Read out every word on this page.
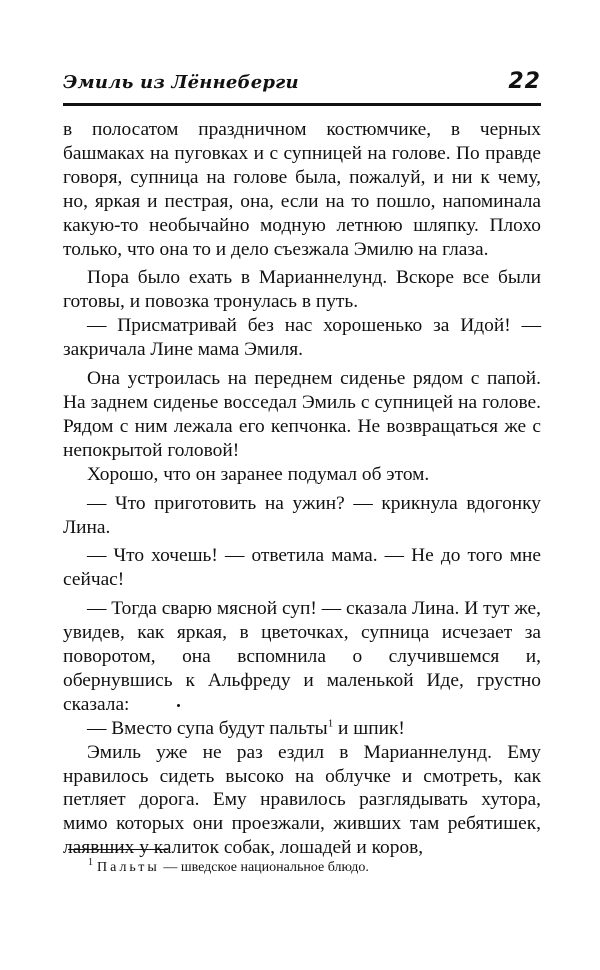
Эмиль из Лённеберги	22

в полосатом праздничном костюмчике, в черных башмаках на пуговках и с супницей на голове. По правде говоря, супница на голове была, пожалуй, и ни к чему, но, яркая и пестрая, она, если на то пошло, напоминала какую-то необычайно модную летнюю шляпку. Плохо только, что она то и дело съезжала Эмилю на глаза.

Пора было ехать в Марианнелунд. Вскоре все были готовы, и повозка тронулась в путь.

— Присматривай без нас хорошенько за Идой! — закричала Лине мама Эмиля.

Она устроилась на переднем сиденье рядом с папой. На заднем сиденье восседал Эмиль с супницей на голове. Рядом с ним лежала его кепчонка. Не возвращаться же с непокрытой головой!

Хорошо, что он заранее подумал об этом.

— Что приготовить на ужин? — крикнула вдогонку Лина.

— Что хочешь! — ответила мама. — Не до того мне сейчас!

— Тогда сварю мясной суп! — сказала Лина. И тут же, увидев, как яркая, в цветочках, супница исчезает за поворотом, она вспомнила о случившемся и, обернувшись к Альфреду и маленькой Иде, грустно сказала:

— Вместо супа будут пальты$^1$ и шпик!

Эмиль уже не раз ездил в Марианнелунд. Ему нравилось сидеть высоко на облучке и смотреть, как петляет дорога. Ему нравилось разглядывать хутора, мимо которых они проезжали, живших там ребятишек, лаявших у калиток собак, лошадей и коров,

$^1$ Пальты — шведское национальное блюдо.
